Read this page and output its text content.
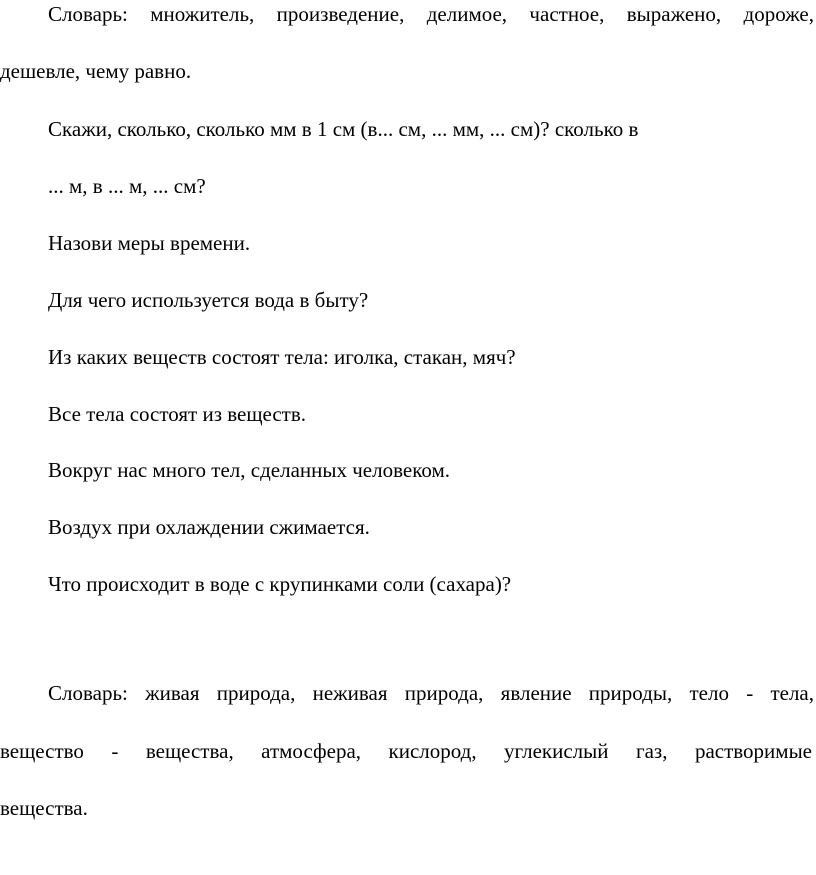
Словарь: множитель, произведение, делимое, частное, выражено, дороже,
дешевле, чему равно.
Скажи, сколько, сколько мм в 1 см (в... см, ... мм, ... см)? сколько в
... м, в ... м, ... см?
Назови меры времени.
Для чего используется вода в быту?
Из каких веществ состоят тела: иголка, стакан, мяч?
Все тела состоят из веществ.
Вокруг нас много тел, сделанных человеком.
Воздух при охлаждении сжимается.
Что происходит в воде с крупинками соли (сахара)?
Словарь: живая природа, неживая природа, явление природы, тело - тела,
вещество - вещества, атмосфера, кислород, углекислый газ, растворимые
вещества.
